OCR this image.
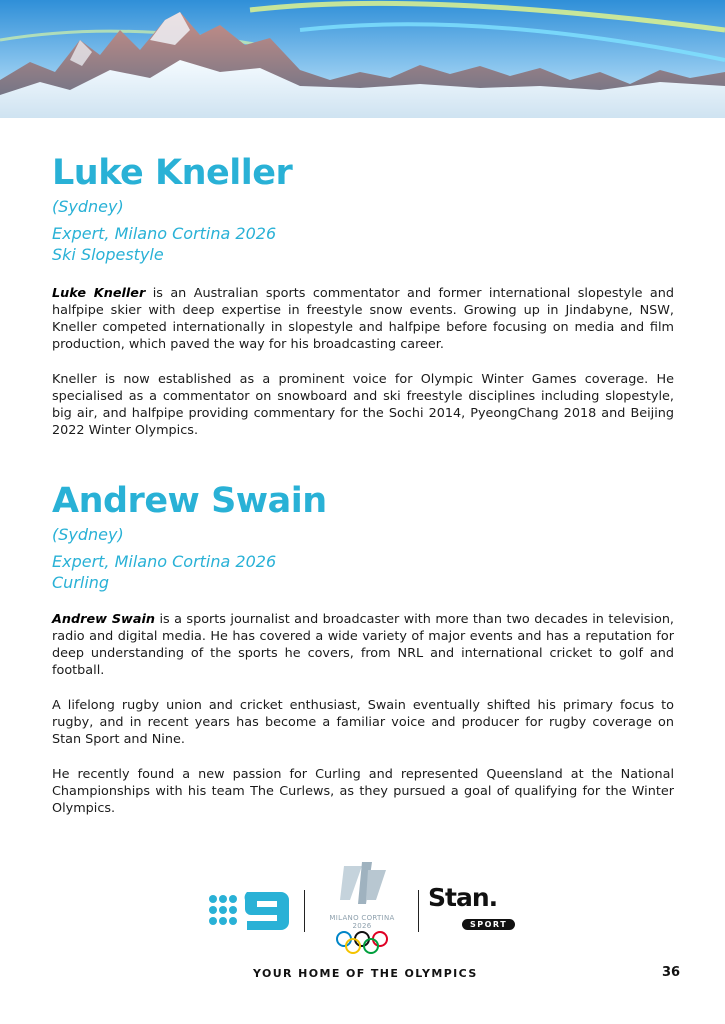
Luke Kneller

(Sydney)

Expert, Milano Cortina 2026

Ski Slopestyle

Luke Kneller is an Australian sports commentator and former international slopestyle and halfpipe skier with deep expertise in freestyle snow events. Growing up in Jindabyne, NSW, Kneller competed internationally in slopestyle and halfpipe before focusing on media and film production, which paved the way for his broadcasting career.

Kneller is now established as a prominent voice for Olympic Winter Games coverage. He specialised as a commentator on snowboard and ski freestyle disciplines including slopestyle, big air, and halfpipe providing commentary for the Sochi 2014, PyeongChang 2018 and Beijing 2022 Winter Olympics.

Andrew Swain

(Sydney)

Expert, Milano Cortina 2026

Curling

Andrew Swain is a sports journalist and broadcaster with more than two decades in television, radio and digital media. He has covered a wide variety of major events and has a reputation for deep understanding of the sports he covers, from NRL and international cricket to golf and football.

A lifelong rugby union and cricket enthusiast, Swain eventually shifted his primary focus to rugby, and in recent years has become a familiar voice and producer for rugby coverage on Stan Sport and Nine.

He recently found a new passion for Curling and represented Queensland at the National Championships with his team The Curlews, as they pursued a goal of qualifying for the Winter Olympics.

MILANO CORTINA
2026
Stan.
SPORT

YOUR HOME OF THE OLYMPICS	36
